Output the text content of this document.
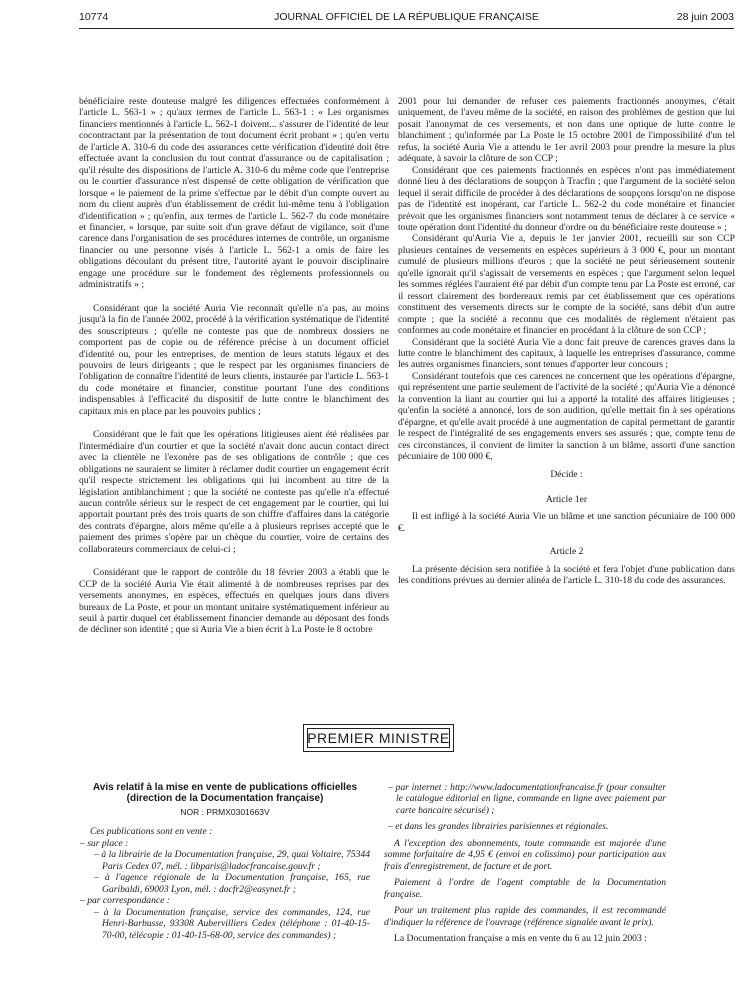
10774	JOURNAL OFFICIEL DE LA RÉPUBLIQUE FRANÇAISE	28 juin 2003

bénéficiaire reste douteuse malgré les diligences effectuées conformément à l'article L. 563-1 » ; qu'aux termes de l'article L. 563-1 : « Les organismes financiers mentionnés à l'article L. 562-1 doivent... s'assurer de l'identité de leur cocontractant par la présentation de tout document écrit probant » ; qu'en vertu de l'article A. 310-6 du code des assurances cette vérification d'identité doit être effectuée avant la conclusion du tout contrat d'assurance ou de capitalisation ; qu'il résulte des dispositions de l'article A. 310-6 du même code que l'entreprise ou le courtier d'assurance n'est dispensé de cette obligation de vérification que lorsque « le paiement de la prime s'effectue par le débit d'un compte ouvert au nom du client auprès d'un établissement de crédit lui-même tenu à l'obligation d'identification » ; qu'enfin, aux termes de l'article L. 562-7 du code monétaire et financier, « lorsque, par suite soit d'un grave défaut de vigilance, soit d'une carence dans l'organisation de ses procédures internes de contrôle, un organisme financier ou une personne visés à l'article L. 562-1 a omis de faire les obligations découlant du présent titre, l'autorité ayant le pouvoir disciplinaire engage une procédure sur le fondement des règlements professionnels ou administratifs » ;

Considérant que la société Auria Vie reconnaît qu'elle n'a pas, au moins jusqu'à la fin de l'année 2002, procédé à la vérification systématique de l'identité des souscripteurs ; qu'elle ne conteste pas que de nombreux dossiers ne comportent pas de copie ou de référence précise à un document officiel d'identité ou, pour les entreprises, de mention de leurs statuts légaux et des pouvoirs de leurs dirigeants ; que le respect par les organismes financiers de l'obligation de connaître l'identité de leurs clients, instaurée par l'article L. 563-1 du code monétaire et financier, constitue pourtant l'une des conditions indispensables à l'efficacité du dispositif de lutte contre le blanchiment des capitaux mis en place par les pouvoirs publics ;

Considérant que le fait que les opérations litigieuses aient été réalisées par l'intermédiaire d'un courtier et que la société n'avait donc aucun contact direct avec la clientèle ne l'exonère pas de ses obligations de contrôle ; que ces obligations ne sauraient se limiter à réclamer dudit courtier un engagement écrit qu'il respecte strictement les obligations qui lui incombent au titre de la législation antiblanchiment ; que la société ne conteste pas qu'elle n'a effectué aucun contrôle sérieux sur le respect de cet engagement par le courtier, qui lui apportait pourtant près des trois quarts de son chiffre d'affaires dans la catégorie des contrats d'épargne, alors même qu'elle a à plusieurs reprises accepté que le paiement des primes s'opère par un chèque du courtier, voire de certains des collaborateurs commerciaux de celui-ci ;

Considérant que le rapport de contrôle du 18 février 2003 a établi que le CCP de la société Auria Vie était alimenté à de nombreuses reprises par des versements anonymes, en espèces, effectués en quelques jours dans divers bureaux de La Poste, et pour un montant unitaire systématiquement inférieur au seuil à partir duquel cet établissement financier demande au déposant des fonds de décliner son identité ; que si Auria Vie a bien écrit à La Poste le 8 octobre

2001 pour lui demander de refuser ces paiements fractionnés anonymes, c'était uniquement, de l'aveu même de la société, en raison des problèmes de gestion que lui posait l'anonymat de ces versements, et non dans une optique de lutte contre le blanchiment ; qu'informée par La Poste le 15 octobre 2001 de l'impossibilité d'un tel refus, la société Auria Vie a attendu le 1er avril 2003 pour prendre la mesure la plus adéquate, à savoir la clôture de son CCP ;

Considérant que ces paiements fractionnés en espèces n'ont pas immédiatement donné lieu à des déclarations de soupçon à Tracfin ; que l'argument de la société selon lequel il serait difficile de procéder à des déclarations de soupçons lorsqu'on ne dispose pas de l'identité est inopérant, car l'article L. 562-2 du code monétaire et financier prévoit que les organismes financiers sont notamment tenus de déclarer à ce service « toute opération dont l'identité du donneur d'ordre ou du bénéficiaire reste douteuse » ;

Considérant qu'Auria Vie a, depuis le 1er janvier 2001, recueilli sur son CCP plusieurs centaines de versements en espèces supérieurs à 3 000 €, pour un montant cumulé de plusieurs millions d'euros ; que la société ne peut sérieusement soutenir qu'elle ignorait qu'il s'agissait de versements en espèces ; que l'argument selon lequel les sommes réglées l'auraient été par débit d'un compte tenu par La Poste est erroné, car il ressort clairement des bordereaux remis par cet établissement que ces opérations constituent des versements directs sur le compte de la société, sans débit d'un autre compte ; que la société a reconnu que ces modalités de règlement n'étaient pas conformes au code monétaire et financier en procédant à la clôture de son CCP ;

Considérant que la société Auria Vie a donc fait preuve de carences graves dans la lutte contre le blanchiment des capitaux, à laquelle les entreprises d'assurance, comme les autres organismes financiers, sont tenues d'apporter leur concours ;

Considérant toutefois que ces carences ne concernent que les opérations d'épargne, qui représentent une partie seulement de l'activité de la société ; qu'Auria Vie a dénoncé la convention la liant au courtier qui lui a apporté la totalité des affaires litigieuses ; qu'enfin la société a annoncé, lors de son audition, qu'elle mettait fin à ses opérations d'épargne, et qu'elle avait procédé à une augmentation de capital permettant de garantir le respect de l'intégralité de ses engagements envers ses assurés ; que, compte tenu de ces circonstances, il convient de limiter la sanction à un blâme, assorti d'une sanction pécuniaire de 100 000 €,

Décide :

Article 1er

Il est infligé à la société Auria Vie un blâme et une sanction pécuniaire de 100 000 €.

Article 2

La présente décision sera notifiée à la société et fera l'objet d'une publication dans les conditions prévues au dernier alinéa de l'article L. 310-18 du code des assurances.

PREMIER MINISTRE
Avis relatif à la mise en vente de publications officielles
(direction de la Documentation française)
NOR : PRMX0301663V

Ces publications sont en vente :

– sur place :

– à la librairie de la Documentation française, 29, quai Voltaire, 75344 Paris Cedex 07, mél. : libparis@ladocfrancaise.gouv.fr ;

– à l'agence régionale de la Documentation française, 165, rue Garibaldi, 69003 Lyon, mél. : docfr2@easynet.fr ;

– par correspondance :

– à la Documentation française, service des commandes, 124, rue Henri-Barbusse, 93308 Aubervilliers Cedex (téléphone : 01-40-15-70-00, télécopie : 01-40-15-68-00, service des commandes) ;

– par internet : http://www.ladocumentationfrancaise.fr (pour consulter le catalogue éditorial en ligne, commande en ligne avec paiement par carte bancaire sécurisé) ;

– et dans les grandes librairies parisiennes et régionales.

A l'exception des abonnements, toute commande est majorée d'une somme forfaitaire de 4,95 € (envoi en colissimo) pour participation aux frais d'enregistrement, de facture et de port.

Paiement à l'ordre de l'agent comptable de la Documentation française.

Pour un traitement plus rapide des commandes, il est recommandé d'indiquer la référence de l'ouvrage (référence signalée avant le prix).

La Documentation française a mis en vente du 6 au 12 juin 2003 :
